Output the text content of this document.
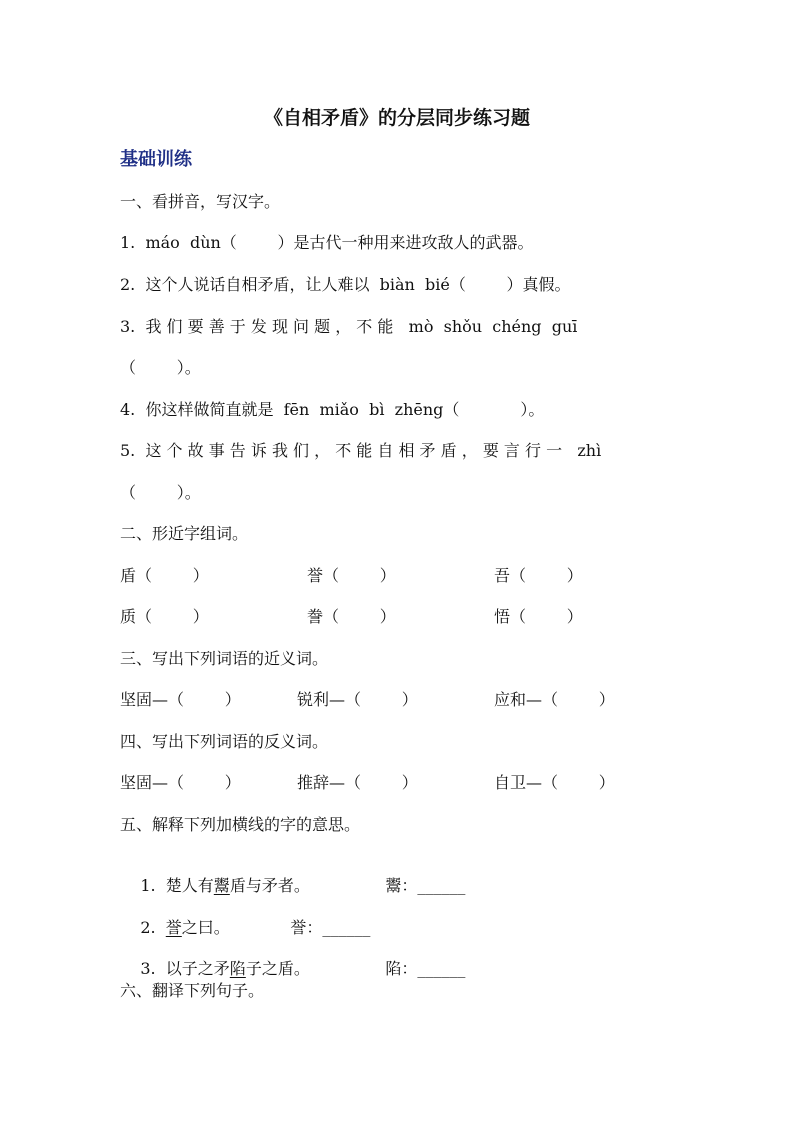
《自相矛盾》的分层同步练习题
基础训练
一、看拼音，写汉字。
1.  máo  dùn（        ）是古代一种用来进攻敌人的武器。
2.  这个人说话自相矛盾，让人难以  biàn  bié（        ）真假。
3.  我 们 要 善 于 发 现 问 题 ， 不 能   mò  shǒu  chéng  guī
（        ）。
4.  你这样做简直就是  fēn  miǎo  bì  zhēng（            ）。
5.  这 个 故 事 告 诉 我 们 ， 不 能 自 相 矛 盾 ， 要 言 行 一   zhì
（        ）。
二、形近字组词。
盾（        ）	誉（        ）	吾（        ）
质（        ）	誊（        ）	悟（        ）
三、写出下列词语的近义词。
坚固—（        ）	锐利—（        ）	应和—（        ）
四、写出下列词语的反义词。
坚固—（        ）	推辞—（        ）	自卫—（        ）
五、解释下列加横线的字的意思。

1. 楚人有鬻盾与矛者。
	鬻：______

2. 誉之曰。
	誉：______

3. 以子之矛陷子之盾。
	陷：______

六、翻译下列句子。
